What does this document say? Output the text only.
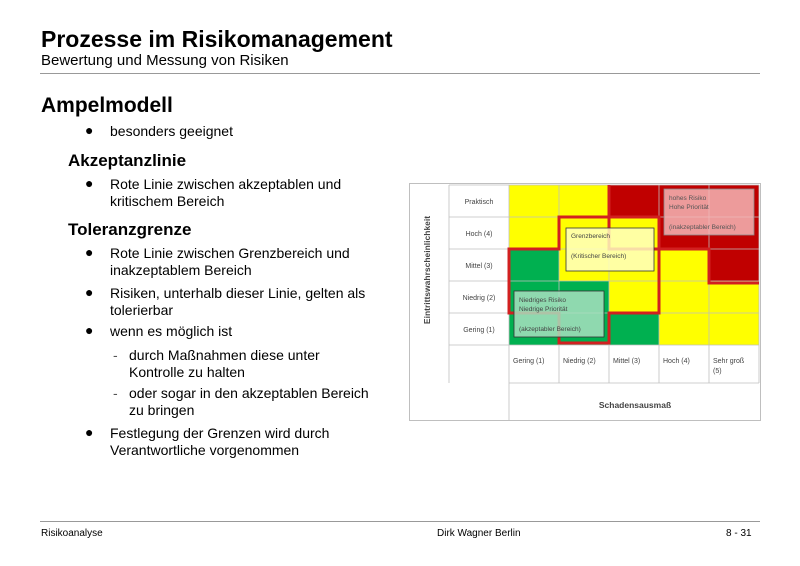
Prozesse im Risikomanagement
Bewertung und Messung von Risiken
Ampelmodell
● besonders geeignet
Akzeptanzlinie
● Rote Linie zwischen akzeptablen und
kritischem Bereich
Toleranzgrenze
● Rote Linie zwischen Grenzbereich und
inakzeptablem Bereich
● Risiken, unterhalb dieser Linie, gelten als
tolerierbar
● wenn es möglich ist
- durch Maßnahmen diese unter
Kontrolle zu halten
- oder sogar in den akzeptablen Bereich
zu bringen
● Festlegung der Grenzen wird durch
Verantwortliche vorgenommen
Eintrittswahrscheinlichkeit
Praktisch
Hoch (4)
Mittel (3)
Niedrig (2)
Gering (1)
Gering (1)	Niedrig (2) Mittel (3)	Hoch (4)	Sehr groß
(5)
Schadensausmaß
hohes Risiko
Hohe Priorität
(inakzeptabler Bereich)
Grenzbereich
(Kritischer Bereich)
Niedriges Risiko
Niedrige Priorität
(akzeptabler Bereich)
Risikoanalyse	Dirk Wagner Berlin	8 - 31
